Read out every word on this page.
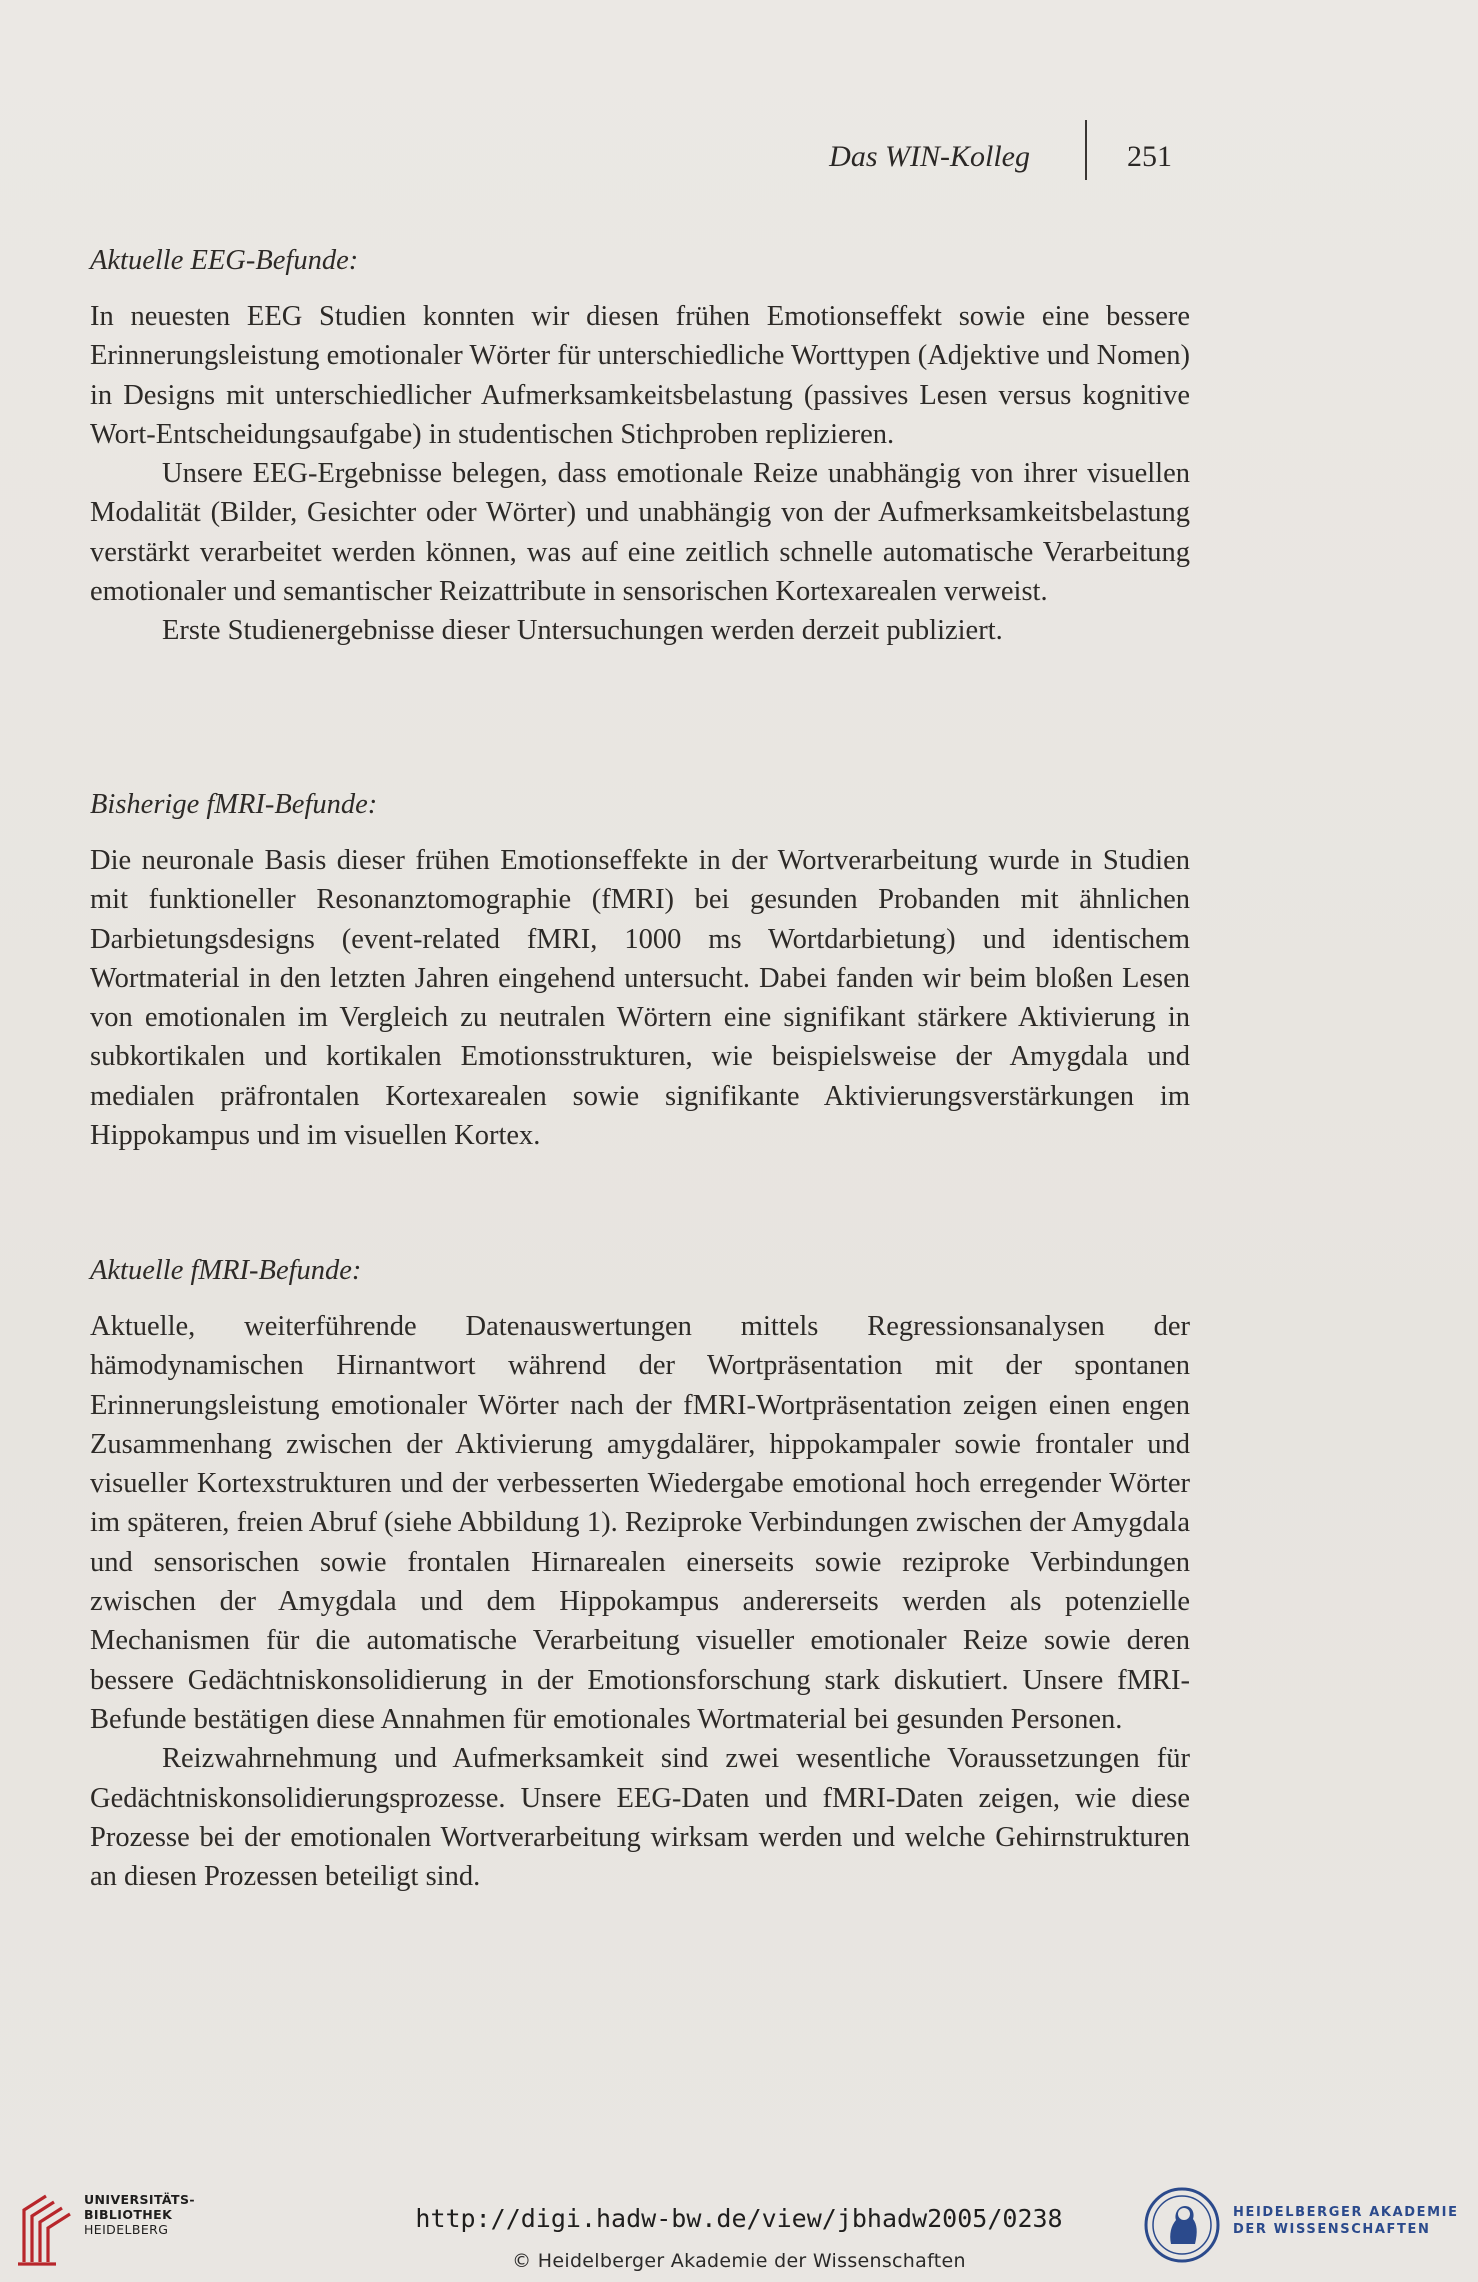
Das WIN-Kolleg	251
Aktuelle EEG-Befunde:

In neuesten EEG Studien konnten wir diesen frühen Emotionseffekt sowie eine bessere Erinnerungsleistung emotionaler Wörter für unterschiedliche Worttypen (Adjektive und Nomen) in Designs mit unterschiedlicher Aufmerksamkeitsbelastung (passives Lesen versus kognitive Wort-Entscheidungsaufgabe) in studentischen Stichproben replizieren.

Unsere EEG-Ergebnisse belegen, dass emotionale Reize unabhängig von ihrer visuellen Modalität (Bilder, Gesichter oder Wörter) und unabhängig von der Aufmerksamkeitsbelastung verstärkt verarbeitet werden können, was auf eine zeitlich schnelle automatische Verarbeitung emotionaler und semantischer Reizattribute in sensorischen Kortexarealen verweist.

Erste Studienergebnisse dieser Untersuchungen werden derzeit publiziert.

Bisherige fMRI-Befunde:

Die neuronale Basis dieser frühen Emotionseffekte in der Wortverarbeitung wurde in Studien mit funktioneller Resonanztomographie (fMRI) bei gesunden Probanden mit ähnlichen Darbietungsdesigns (event-related fMRI, 1000 ms Wortdarbietung) und identischem Wortmaterial in den letzten Jahren eingehend untersucht. Dabei fanden wir beim bloßen Lesen von emotionalen im Vergleich zu neutralen Wörtern eine signifikant stärkere Aktivierung in subkortikalen und kortikalen Emotionsstrukturen, wie beispielsweise der Amygdala und medialen präfrontalen Kortexarealen sowie signifikante Aktivierungsverstärkungen im Hippokampus und im visuellen Kortex.

Aktuelle fMRI-Befunde:

Aktuelle, weiterführende Datenauswertungen mittels Regressionsanalysen der hämodynamischen Hirnantwort während der Wortpräsentation mit der spontanen Erinnerungsleistung emotionaler Wörter nach der fMRI-Wortpräsentation zeigen einen engen Zusammenhang zwischen der Aktivierung amygdalärer, hippokampaler sowie frontaler und visueller Kortexstrukturen und der verbesserten Wiedergabe emotional hoch erregender Wörter im späteren, freien Abruf (siehe Abbildung 1). Reziproke Verbindungen zwischen der Amygdala und sensorischen sowie frontalen Hirnarealen einerseits sowie reziproke Verbindungen zwischen der Amygdala und dem Hippokampus andererseits werden als potenzielle Mechanismen für die automatische Verarbeitung visueller emotionaler Reize sowie deren bessere Gedächtniskonsolidierung in der Emotionsforschung stark diskutiert. Unsere fMRI-Befunde bestätigen diese Annahmen für emotionales Wortmaterial bei gesunden Personen.

Reizwahrnehmung und Aufmerksamkeit sind zwei wesentliche Voraussetzungen für Gedächtniskonsolidierungsprozesse. Unsere EEG-Daten und fMRI-Daten zeigen, wie diese Prozesse bei der emotionalen Wortverarbeitung wirksam werden und welche Gehirnstrukturen an diesen Prozessen beteiligt sind.

UNIVERSITÄTS-
BIBLIOTHEK
HEIDELBERG	http://digi.hadw-bw.de/view/jbhadw2005/0238
© Heidelberger Akademie der Wissenschaften
HEIDELBERGER AKADEMIE
DER WISSENSCHAFTEN
